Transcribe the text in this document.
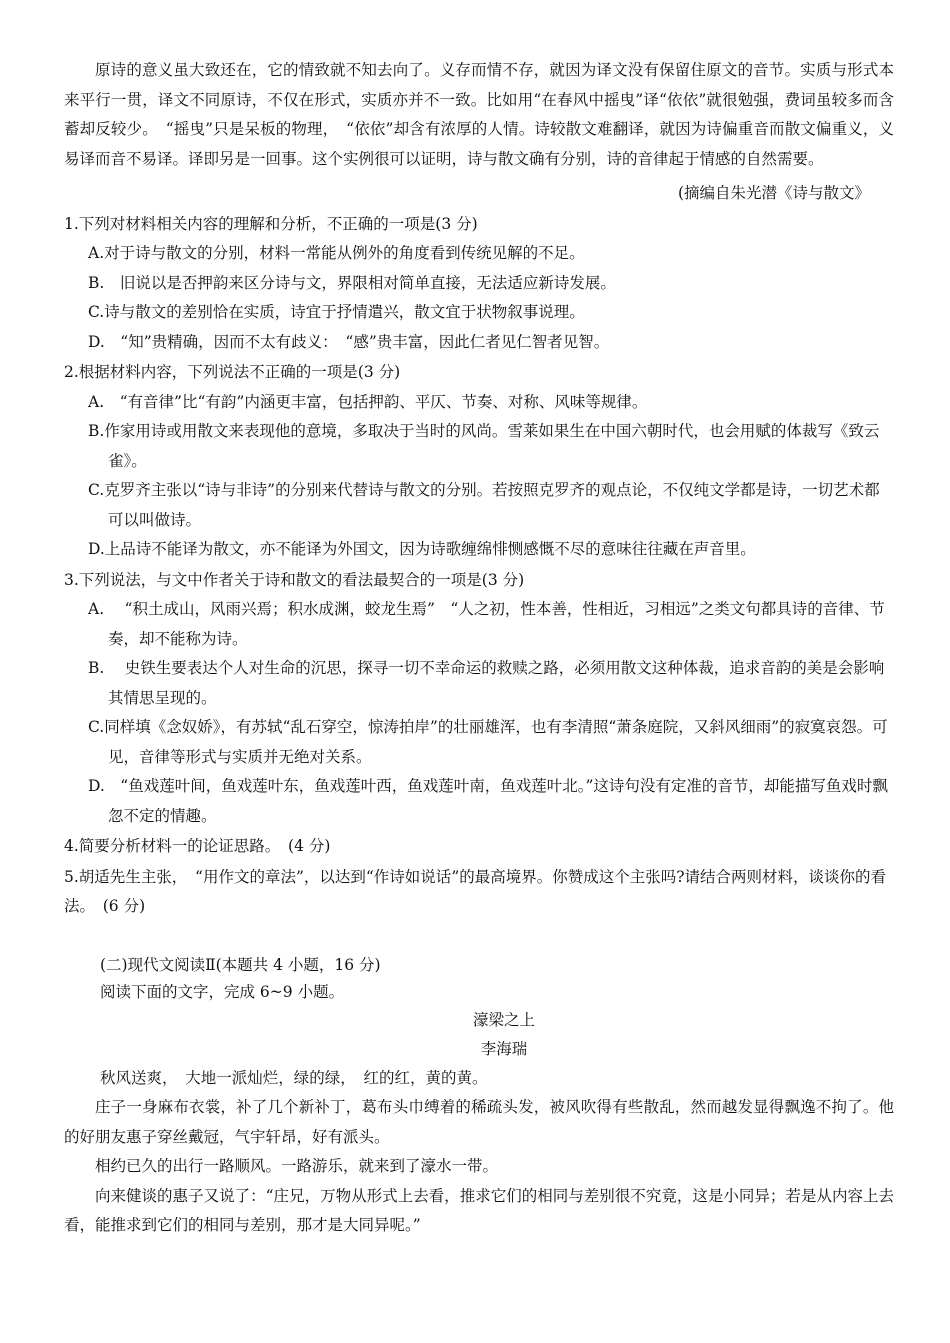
原诗的意义虽大致还在，它的情致就不知去向了。义存而情不存，就因为译文没有保留住原文的音节。实质与形式本来平行一贯，译文不同原诗，不仅在形式，实质亦并不一致。比如用“在春风中摇曳”译“依依”就很勉强，费词虽较多而含蓄却反较少。　“摇曳”只是呆板的物理，　“依依”却含有浓厚的人情。诗较散文难翻译，就因为诗偏重音而散文偏重义，义易译而音不易译。译即另是一回事。这个实例很可以证明，诗与散文确有分别，诗的音律起于情感的自然需要。

(摘编自朱光潜《诗与散文》

1.下列对材料相关内容的理解和分析，不正确的一项是(3 分)

A.对于诗与散文的分别，材料一常能从例外的角度看到传统见解的不足。

B.　旧说以是否押韵来区分诗与文，界限相对简单直接，无法适应新诗发展。

C.诗与散文的差别恰在实质，诗宜于抒情遣兴，散文宜于状物叙事说理。

D.　“知”贵精确，因而不太有歧义：　“感”贵丰富，因此仁者见仁智者见智。

2.根据材料内容，下列说法不正确的一项是(3 分)

A.　“有音律”比“有韵”内涵更丰富，包括押韵、平仄、节奏、对称、风味等规律。

B.作家用诗或用散文来表现他的意境，多取决于当时的风尚。雪莱如果生在中国六朝时代，也会用赋的体裁写《致云雀》。

C.克罗齐主张以“诗与非诗”的分别来代替诗与散文的分别。若按照克罗齐的观点论，不仅纯文学都是诗，一切艺术都可以叫做诗。

D.上品诗不能译为散文，亦不能译为外国文，因为诗歌缠绵悱恻感慨不尽的意味往往藏在声音里。

3.下列说法，与文中作者关于诗和散文的看法最契合的一项是(3 分)

A.　 “积土成山，风雨兴焉；积水成渊，蛟龙生焉”　“人之初，性本善，性相近，习相远”之类文句都具诗的音律、节奏，却不能称为诗。

B.　 史铁生要表达个人对生命的沉思，探寻一切不幸命运的救赎之路，必须用散文这种体裁，追求音韵的美是会影响其情思呈现的。

C.同样填《念奴娇》，有苏轼“乱石穿空，惊涛拍岸”的壮丽雄浑，也有李清照“萧条庭院，又斜风细雨”的寂寞哀怨。可见，音律等形式与实质并无绝对关系。

D.　“鱼戏莲叶间，鱼戏莲叶东，鱼戏莲叶西，鱼戏莲叶南，鱼戏莲叶北。”这诗句没有定准的音节，却能描写鱼戏时飘忽不定的情趣。

4.简要分析材料一的论证思路。　(4 分)

5.胡适先生主张，　“用作文的章法”，以达到“作诗如说话”的最高境界。你赞成这个主张吗?请结合两则材料，谈谈你的看法。　(6 分)

(二)现代文阅读Ⅱ(本题共 4 小题，16 分)

阅读下面的文字，完成 6~9 小题。

濠梁之上

李海瑞

秋风送爽，　大地一派灿烂，绿的绿，　红的红，黄的黄。

庄子一身麻布衣裳，补了几个新补丁，葛布头巾缚着的稀疏头发，被风吹得有些散乱，然而越发显得飘逸不拘了。他的好朋友惠子穿丝戴冠，气宇轩昂，好有派头。

相约已久的出行一路顺风。一路游乐，就来到了濠水一带。

向来健谈的惠子又说了：“庄兄，万物从形式上去看，推求它们的相同与差别很不究竟，这是小同异；若是从内容上去看，能推求到它们的相同与差别，那才是大同异呢。”
